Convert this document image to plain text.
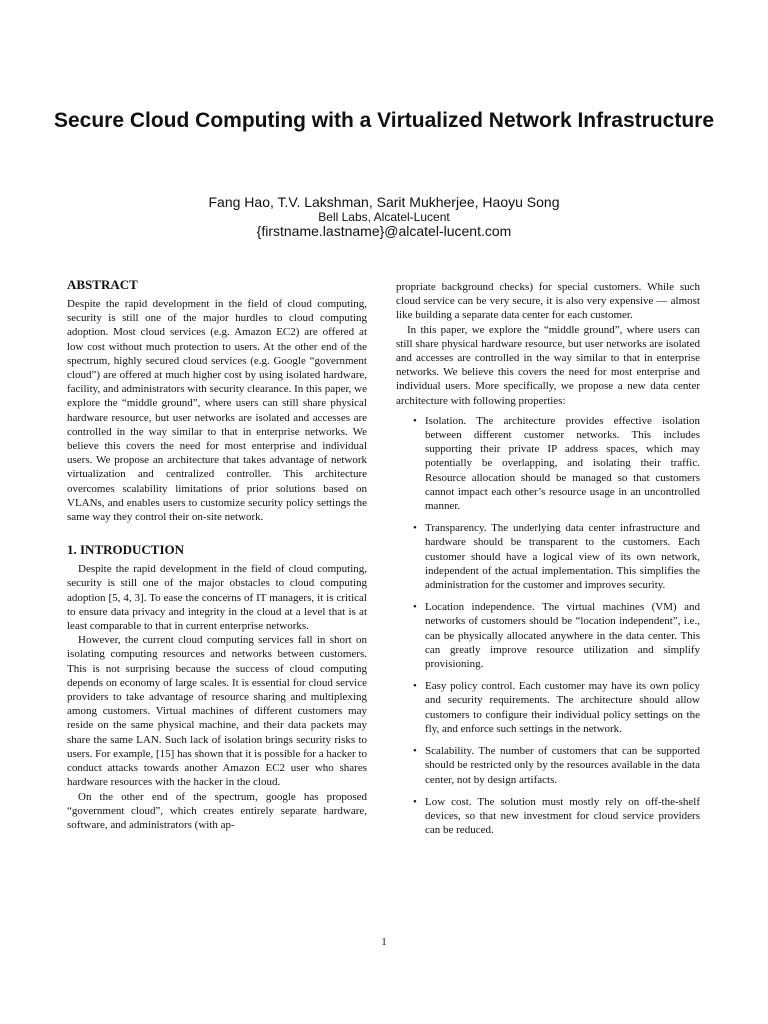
Secure Cloud Computing with a Virtualized Network Infrastructure
Fang Hao, T.V. Lakshman, Sarit Mukherjee, Haoyu Song
Bell Labs, Alcatel-Lucent
{firstname.lastname}@alcatel-lucent.com
ABSTRACT

Despite the rapid development in the field of cloud computing, security is still one of the major hurdles to cloud computing adoption. Most cloud services (e.g. Amazon EC2) are offered at low cost without much protection to users. At the other end of the spectrum, highly secured cloud services (e.g. Google “government cloud”) are offered at much higher cost by using isolated hardware, facility, and administrators with security clearance. In this paper, we explore the “middle ground”, where users can still share physical hardware resource, but user networks are isolated and accesses are controlled in the way similar to that in enterprise networks. We believe this covers the need for most enterprise and individual users. We propose an architecture that takes advantage of network virtualization and centralized controller. This architecture overcomes scalability limitations of prior solutions based on VLANs, and enables users to customize security policy settings the same way they control their on-site network.

1. INTRODUCTION

Despite the rapid development in the field of cloud computing, security is still one of the major obstacles to cloud computing adoption [5, 4, 3]. To ease the concerns of IT managers, it is critical to ensure data privacy and integrity in the cloud at a level that is at least comparable to that in current enterprise networks.

However, the current cloud computing services fall in short on isolating computing resources and networks between customers. This is not surprising because the success of cloud computing depends on economy of large scales. It is essential for cloud service providers to take advantage of resource sharing and multiplexing among customers. Virtual machines of different customers may reside on the same physical machine, and their data packets may share the same LAN. Such lack of isolation brings security risks to users. For example, [15] has shown that it is possible for a hacker to conduct attacks towards another Amazon EC2 user who shares hardware resources with the hacker in the cloud.

On the other end of the spectrum, google has proposed “government cloud”, which creates entirely separate hardware, software, and administrators (with ap-

propriate background checks) for special customers. While such cloud service can be very secure, it is also very expensive — almost like building a separate data center for each customer.

In this paper, we explore the “middle ground”, where users can still share physical hardware resource, but user networks are isolated and accesses are controlled in the way similar to that in enterprise networks. We believe this covers the need for most enterprise and individual users. More specifically, we propose a new data center architecture with following properties:

• Isolation. The architecture provides effective isolation between different customer networks. This includes supporting their private IP address spaces, which may potentially be overlapping, and isolating their traffic. Resource allocation should be managed so that customers cannot impact each other’s resource usage in an uncontrolled manner.
• Transparency. The underlying data center infrastructure and hardware should be transparent to the customers. Each customer should have a logical view of its own network, independent of the actual implementation. This simplifies the administration for the customer and improves security.
• Location independence. The virtual machines (VM) and networks of customers should be “location independent”, i.e., can be physically allocated anywhere in the data center. This can greatly improve resource utilization and simplify provisioning.
• Easy policy control. Each customer may have its own policy and security requirements. The architecture should allow customers to configure their individual policy settings on the fly, and enforce such settings in the network.
• Scalability. The number of customers that can be supported should be restricted only by the resources available in the data center, not by design artifacts.
• Low cost. The solution must mostly rely on off-the-shelf devices, so that new investment for cloud service providers can be reduced.
1
